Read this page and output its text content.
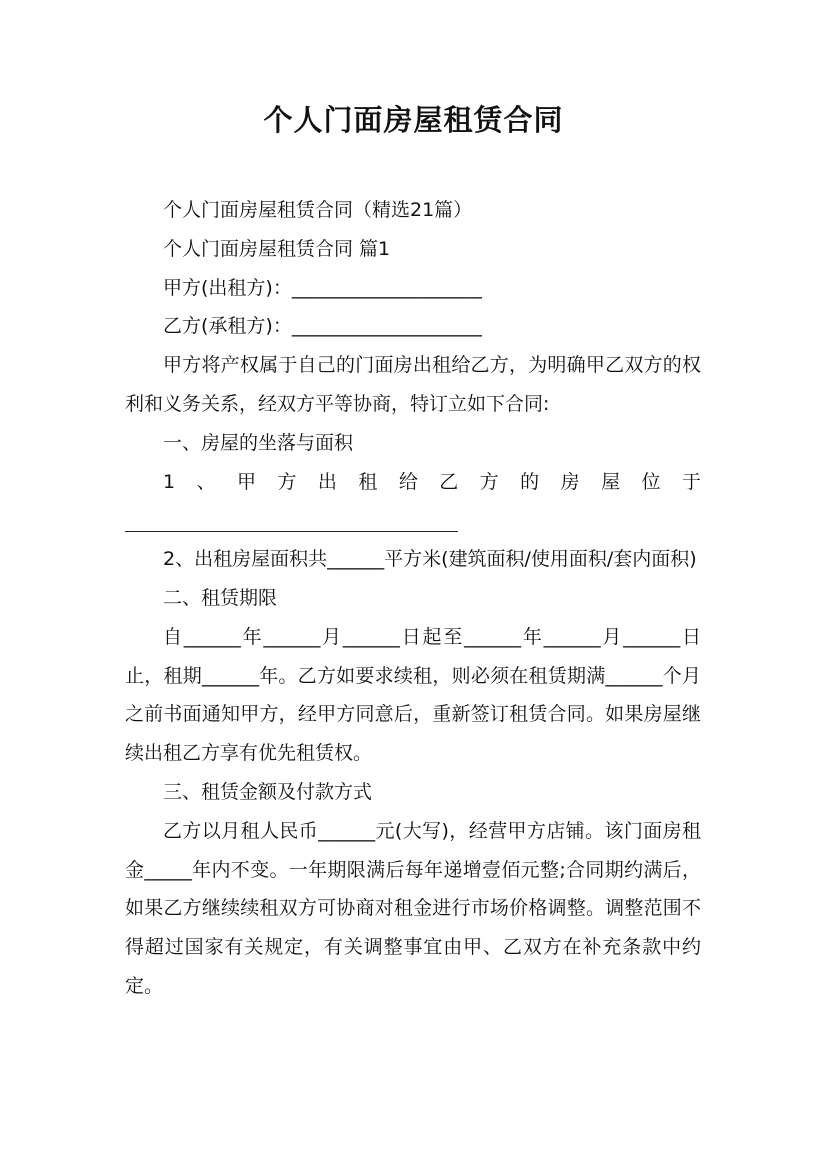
个人门面房屋租赁合同

个人门面房屋租赁合同（精选21篇）

个人门面房屋租赁合同 篇1

甲方(出租方)：____________________

乙方(承租方)：____________________

甲方将产权属于自己的门面房出租给乙方，为明确甲乙双方的权利和义务关系，经双方平等协商，特订立如下合同:

一、房屋的坐落与面积

1、甲方出租给乙方的房屋位于

2、出租房屋面积共______平方米(建筑面积/使用面积/套内面积)

二、租赁期限

自______年______月______日起至______年______月______日止，租期______年。乙方如要求续租，则必须在租赁期满______个月之前书面通知甲方，经甲方同意后，重新签订租赁合同。如果房屋继续出租乙方享有优先租赁权。

三、租赁金额及付款方式

乙方以月租人民币______元(大写)，经营甲方店铺。该门面房租金_____年内不变。一年期限满后每年递增壹佰元整;合同期约满后，如果乙方继续续租双方可协商对租金进行市场价格调整。调整范围不得超过国家有关规定，有关调整事宜由甲、乙双方在补充条款中约定。
